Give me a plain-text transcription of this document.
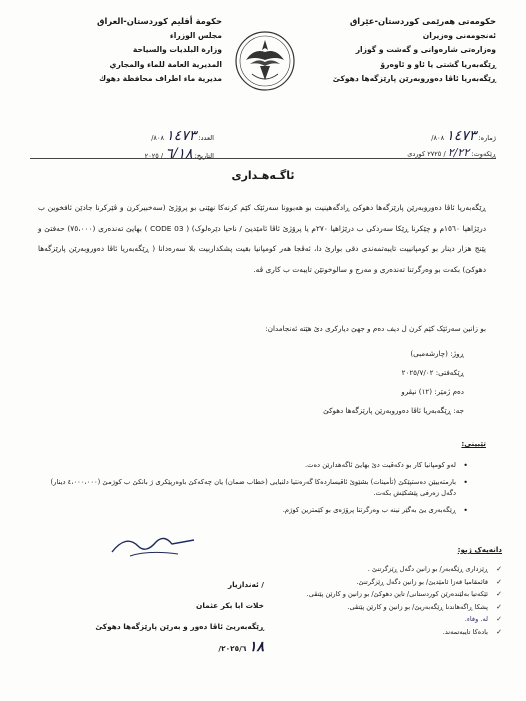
حکومەتی هەرێمی کوردستان-عێراق
ئەنجومەنی وەزیران
وەزارەتی شارەوانی و گەشت و گوزار
ڕێگەبەریا گشتی یا ئاو و ئاوەرۆ
ڕێگەبەریا ئاڤا دەوروبەرێن پارێزگەها دهوکێ
حكومة أقليم كوردستان-العراق
مجلس الوزراء
وزارة البلديات والسياحة
المديرية العامة للماء والمجاري
مديرية ماء اطراف محافظة دهوك
ژمارە: ١٤٧٣ ٨٠٨/
ڕێکەوت: ٢/٢٢ / ٢٧٢٥ کوردی
العدد: ١٤٧٣ ٨٠٨/
التاريخ: ٦/١٨ / ٢٠٢٥
ئاگـەهـداری
ڕێگەبەریا ئاڤا دەوروبەرێن پارێزگەها دهوکێ ڕادگەهینیت بو هەبوونا سەرئێک کێم کرنەکا نهێنی بو پرۆژێ (سەخبیرکرن و ڤێرکرنا جادێن ئافخوین ب درێژاهیا ١٥٦٠م و چێکرنا ڕێکا سەردکی ب درێژاهیا ٢٧٠م یا پرۆژێ ئاڤا ئامێدیێ / ناحیا دێرەلوک) ( CODE 03 ) بهایێ تەندەری (٧٥،٠٠٠) حەفتێ و پێنج هزار دینار بو کومپانییت تایبەتمەندی دقی بوارێ دا، ئەڤجا هەر کومپانیا بقیت پشکداربیت بلا سەرەدانا ( ڕێگەبەریا ئاڤا دەوروبەرێن پارێزگەها دهوکێ) بکەت بو وەرگرتنا تەندەری و مەرج و سالوخوتێن تایبەت ب کاری ڤە.
بو زانین سەرئێک کێم کرن ل دیف دەم و جهێ دیارکری دێ هێتە ئەنجامدان:
ڕوژ: (چارشەمبی)
ڕێکەفتی: ٢٠٢٥/٧/٠٢
دەم ژمێر: (١٢) نیڤرو
جه: ڕێگەبەریا ئاڤا دەوروبەرێن پارێزگەها دهوکێ
تێبینی:
• لەو کومپانیا کار بو دکەڤیت دێ بهایێ ئاگەهدارێن دەت.
• بارمتەییێن دەستپێکێ (تأمينات) بشێوێ ئاڤیساردەکا گەرەنتیا دلنیایی (خطاب ضمان) یان چەکەکێ باوەرپێکری ژ بانکێ ب کوژمێ (٤،٠٠٠،٠٠٠ دینار) دگەل زەرفی پێشکێش بکەت.
• ڕێگەبەری یێ بەگێر نینە ب وەرگرتنا پرۆژەی بو کێمترین کوژم.
/ ئەندازیار
خلات ابا بکر عثمان
ڕێگەبەریێ ئاڤا دەور و بەرێن پارێزگەها دهوکێ
١٨ ٢٠٢٥/٦/
دانەیەک ژبو:
✓ ڕێزداری ڕێگەبەر/ بو زانین دگەل ڕێزگرتنێ .
✓ قائمقامیا قەزا ئامێدیێ/ بو زانین دگەل ڕێزگرتنێ.
✓ ئێکەتیا بەلێندەرێن کوردستانی/ تاین دهوکێ/ بو زانین و کارێن پێتڤی.
✓ پشکا ڕاگەهاندنا ڕێگەبەریێ/ بو زانین و کارێن پێتڤی.
✓ لە. وفاء.
✓ بادەکا تایبەتمەند.
